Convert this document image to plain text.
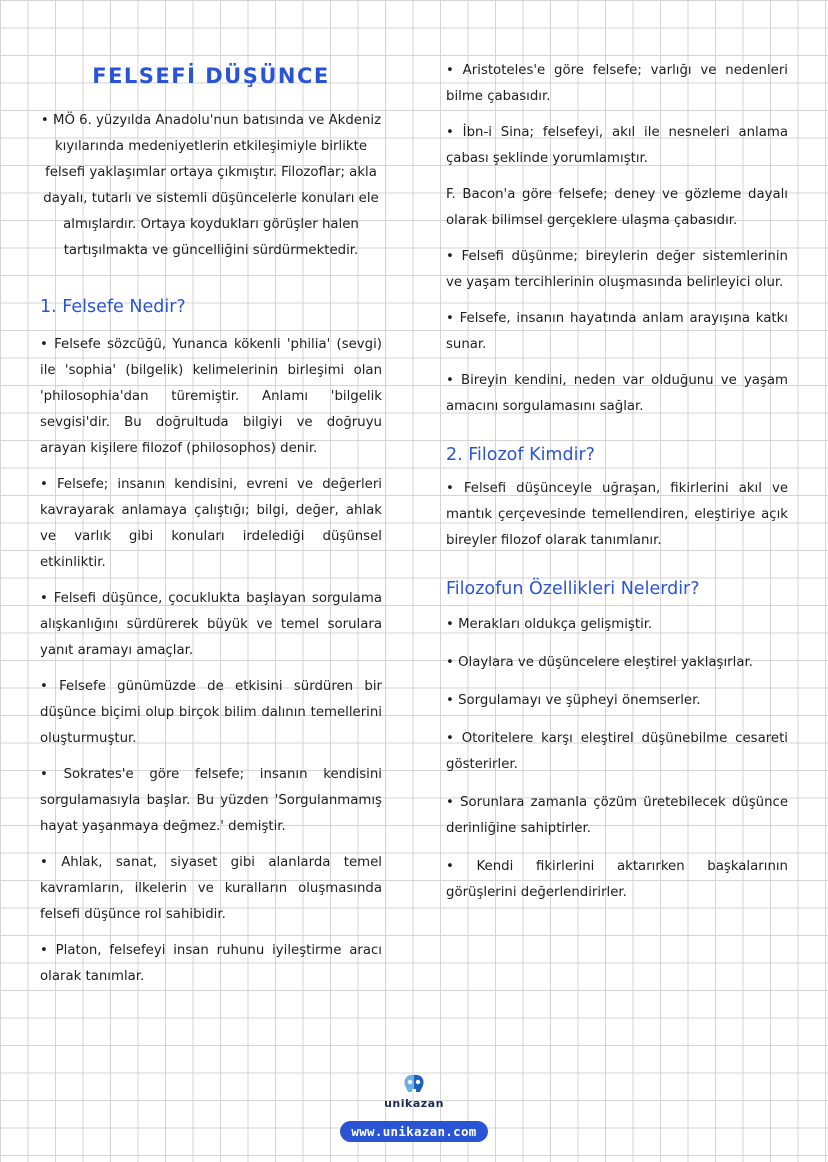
FELSEFİ DÜŞÜNCE

• MÖ 6. yüzyılda Anadolu'nun batısında ve Akdeniz kıyılarında medeniyetlerin etkileşimiyle birlikte felsefi yaklaşımlar ortaya çıkmıştır. Filozoflar; akla dayalı, tutarlı ve sistemli düşüncelerle konuları ele almışlardır. Ortaya koydukları görüşler halen tartışılmakta ve güncelliğini sürdürmektedir.

1. Felsefe Nedir?

• Felsefe sözcüğü, Yunanca kökenli 'philia' (sevgi) ile 'sophia' (bilgelik) kelimelerinin birleşimi olan 'philosophia'dan türemiştir. Anlamı 'bilgelik sevgisi'dir. Bu doğrultuda bilgiyi ve doğruyu arayan kişilere filozof (philosophos) denir.

• Felsefe; insanın kendisini, evreni ve değerleri kavrayarak anlamaya çalıştığı; bilgi, değer, ahlak ve varlık gibi konuları irdelediği düşünsel etkinliktir.

• Felsefi düşünce, çocuklukta başlayan sorgulama alışkanlığını sürdürerek büyük ve temel sorulara yanıt aramayı amaçlar.

• Felsefe günümüzde de etkisini sürdüren bir düşünce biçimi olup birçok bilim dalının temellerini oluşturmuştur.

• Sokrates'e göre felsefe; insanın kendisini sorgulamasıyla başlar. Bu yüzden 'Sorgulanmamış hayat yaşanmaya değmez.' demiştir.

• Ahlak, sanat, siyaset gibi alanlarda temel kavramların, ilkelerin ve kuralların oluşmasında felsefi düşünce rol sahibidir.

• Platon, felsefeyi insan ruhunu iyileştirme aracı olarak tanımlar.

• Aristoteles'e göre felsefe; varlığı ve nedenleri bilme çabasıdır.

• İbn-i Sina; felsefeyi, akıl ile nesneleri anlama çabası şeklinde yorumlamıştır.

F. Bacon'a göre felsefe; deney ve gözleme dayalı olarak bilimsel gerçeklere ulaşma çabasıdır.

• Felsefi düşünme; bireylerin değer sistemlerinin ve yaşam tercihlerinin oluşmasında belirleyici olur.

• Felsefe, insanın hayatında anlam arayışına katkı sunar.

• Bireyin kendini, neden var olduğunu ve yaşam amacını sorgulamasını sağlar.

2. Filozof Kimdir?

• Felsefi düşünceyle uğraşan, fikirlerini akıl ve mantık çerçevesinde temellendiren, eleştiriye açık bireyler filozof olarak tanımlanır.

Filozofun Özellikleri Nelerdir?

• Merakları oldukça gelişmiştir.

• Olaylara ve düşüncelere eleştirel yaklaşırlar.

• Sorgulamayı ve şüpheyi önemserler.

• Otoritelere karşı eleştirel düşünebilme cesareti gösterirler.

• Sorunlara zamanla çözüm üretebilecek düşünce derinliğine sahiptirler.

• Kendi fikirlerini aktarırken başkalarının görüşlerini değerlendirirler.

unikazan
www.unikazan.com
